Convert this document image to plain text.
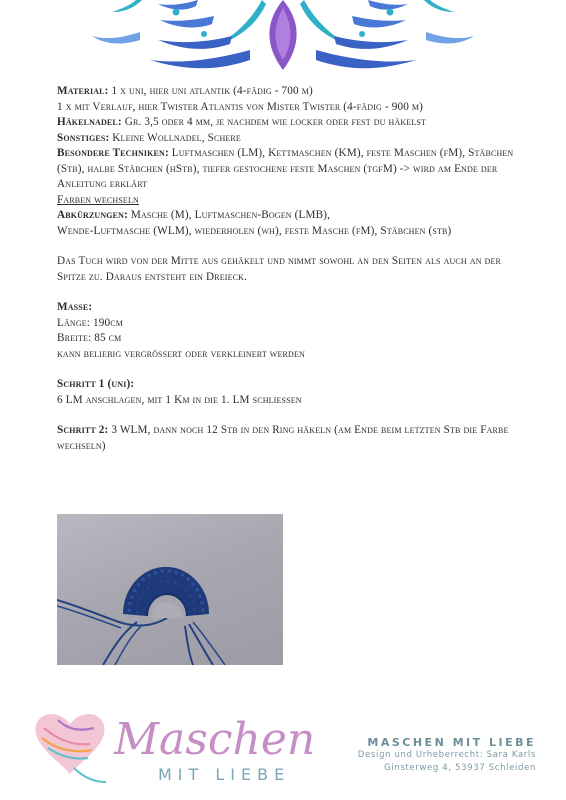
Material: 1 x uni, hier uni atlantik (4-fädig - 700 m)

1 x mit Verlauf, hier Twister Atlantis von Mister Twister (4-fädig - 900 m)

Häkelnadel: Gr. 3,5 oder 4 mm, je nachdem wie locker oder fest du häkelst

Sonstiges: Kleine Wollnadel, Schere

Besondere Techniken: Luftmaschen (LM), Kettmaschen (KM), feste Maschen (fM), Stäbchen (Stb), halbe Stäbchen (hStb), tiefer gestochene feste Maschen (tgfM) -> wird am Ende der Anleitung erklärt

Farben wechseln

Abkürzungen: Masche (M), Luftmaschen-Bogen (LMB),

Wende-Luftmasche (WLM), wiederholen (wh), feste Masche (fM), Stäbchen (stb)

Das Tuch wird von der Mitte aus gehäkelt und nimmt sowohl an den Seiten als auch an der Spitze zu. Daraus entsteht ein Dreieck.

Masse:

Länge: 190cm

Breite: 85 cm

kann beliebig vergrössert oder verkleinert werden

Schritt 1 (uni):

6 LM anschlagen, mit 1 Km in die 1. LM schliessen

Schritt 2: 3 WLM, dann noch 12 Stb in den Ring häkeln (am Ende beim letzten Stb die Farbe wechseln)

Maschen
MIT LIEBE
MASCHEN MIT LIEBE
Design und Urheberrecht: Sara Karls
Ginsterweg 4, 53937 Schleiden
